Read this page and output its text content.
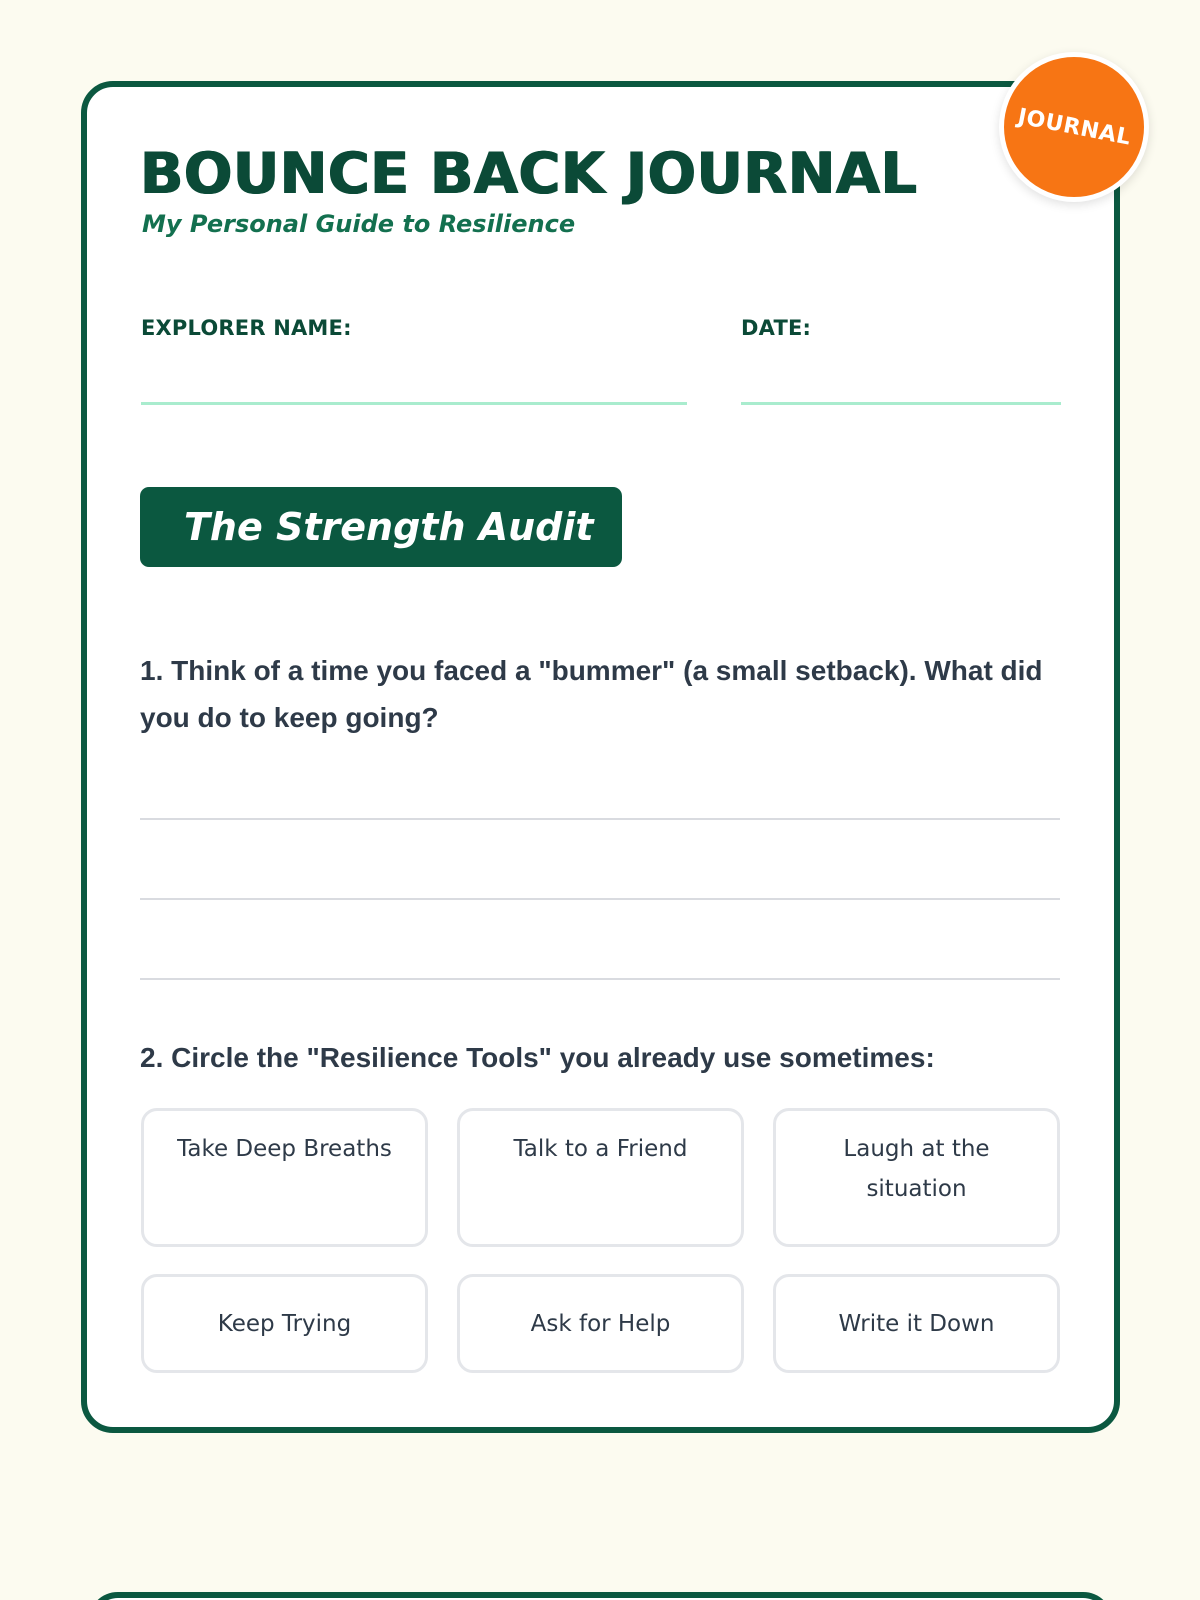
JOURNAL
BOUNCE BACK JOURNAL
My Personal Guide to Resilience
EXPLORER NAME:	DATE:
The Strength Audit

1. Think of a time you faced a "bummer" (a small setback). What did you do to keep going?

2. Circle the "Resilience Tools" you already use sometimes:

Take Deep Breaths	Talk to a Friend	Laugh at the situation
Keep Trying	Ask for Help	Write it Down
